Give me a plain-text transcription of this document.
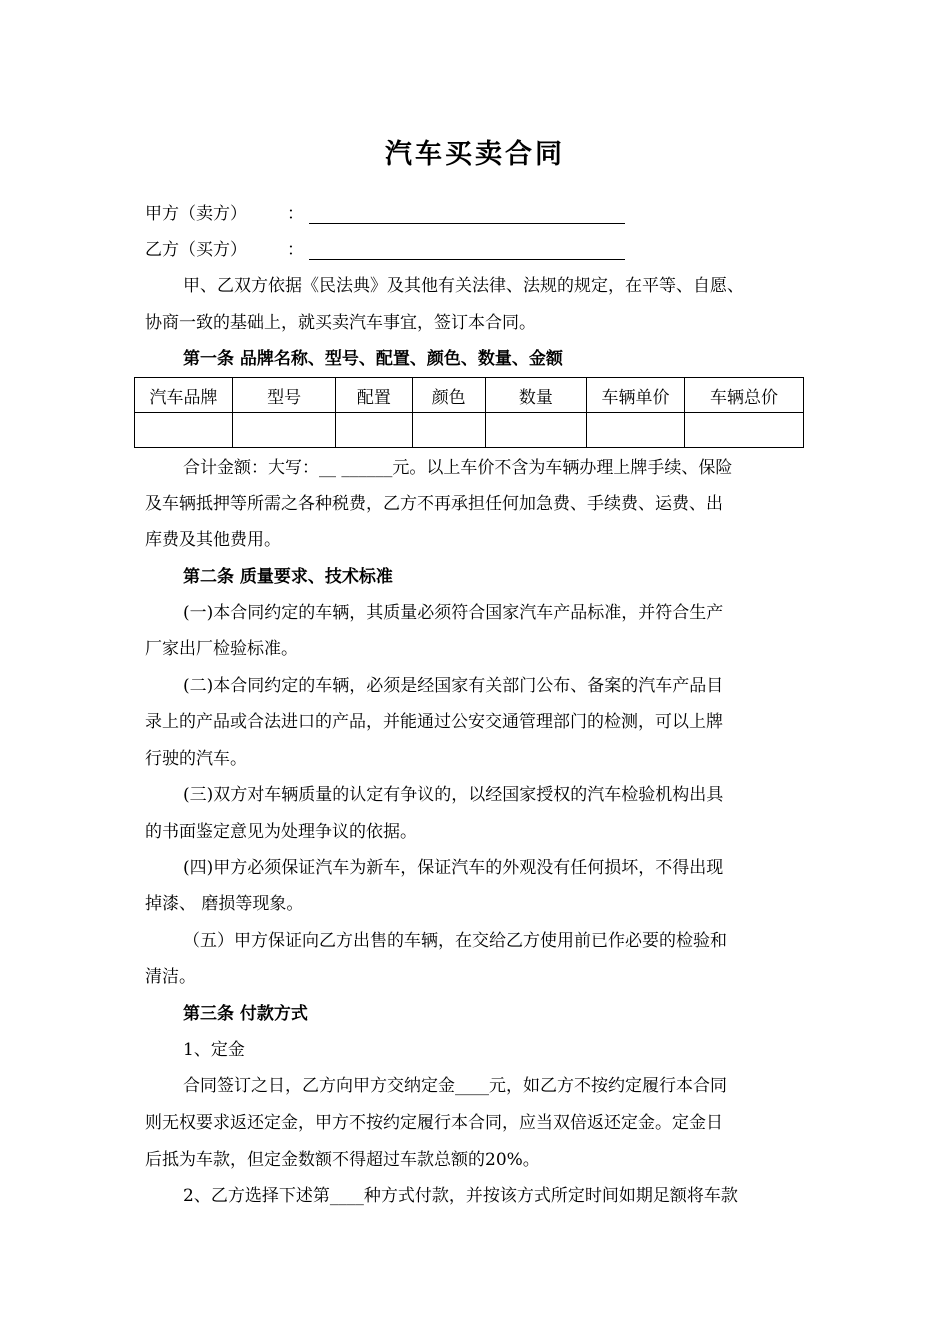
汽车买卖合同
甲方（卖方） ：
乙方（买方） ：
甲、乙双方依据《民法典》及其他有关法律、法规的规定，在平等、自愿、
协商一致的基础上，就买卖汽车事宜，签订本合同。
第一条 品牌名称、型号、配置、颜色、数量、金额
汽车品牌	型号	配置	颜色	数量	车辆单价	车辆总价

合计金额：大写：__ ______元。以上车价不含为车辆办理上牌手续、保险
及车辆抵押等所需之各种税费，乙方不再承担任何加急费、手续费、运费、出
库费及其他费用。
第二条 质量要求、技术标准
(一)本合同约定的车辆，其质量必须符合国家汽车产品标准，并符合生产
厂家出厂检验标准。
(二)本合同约定的车辆，必须是经国家有关部门公布、备案的汽车产品目
录上的产品或合法进口的产品，并能通过公安交通管理部门的检测，可以上牌
行驶的汽车。
(三)双方对车辆质量的认定有争议的，以经国家授权的汽车检验机构出具
的书面鉴定意见为处理争议的依据。
(四)甲方必须保证汽车为新车，保证汽车的外观没有任何损坏，不得出现
掉漆、 磨损等现象。
（五）甲方保证向乙方出售的车辆，在交给乙方使用前已作必要的检验和
清洁。
第三条 付款方式
1、定金
合同签订之日，乙方向甲方交纳定金____元，如乙方不按约定履行本合同
则无权要求返还定金，甲方不按约定履行本合同，应当双倍返还定金。定金日
后抵为车款，但定金数额不得超过车款总额的20%。
2、乙方选择下述第____种方式付款，并按该方式所定时间如期足额将车款
